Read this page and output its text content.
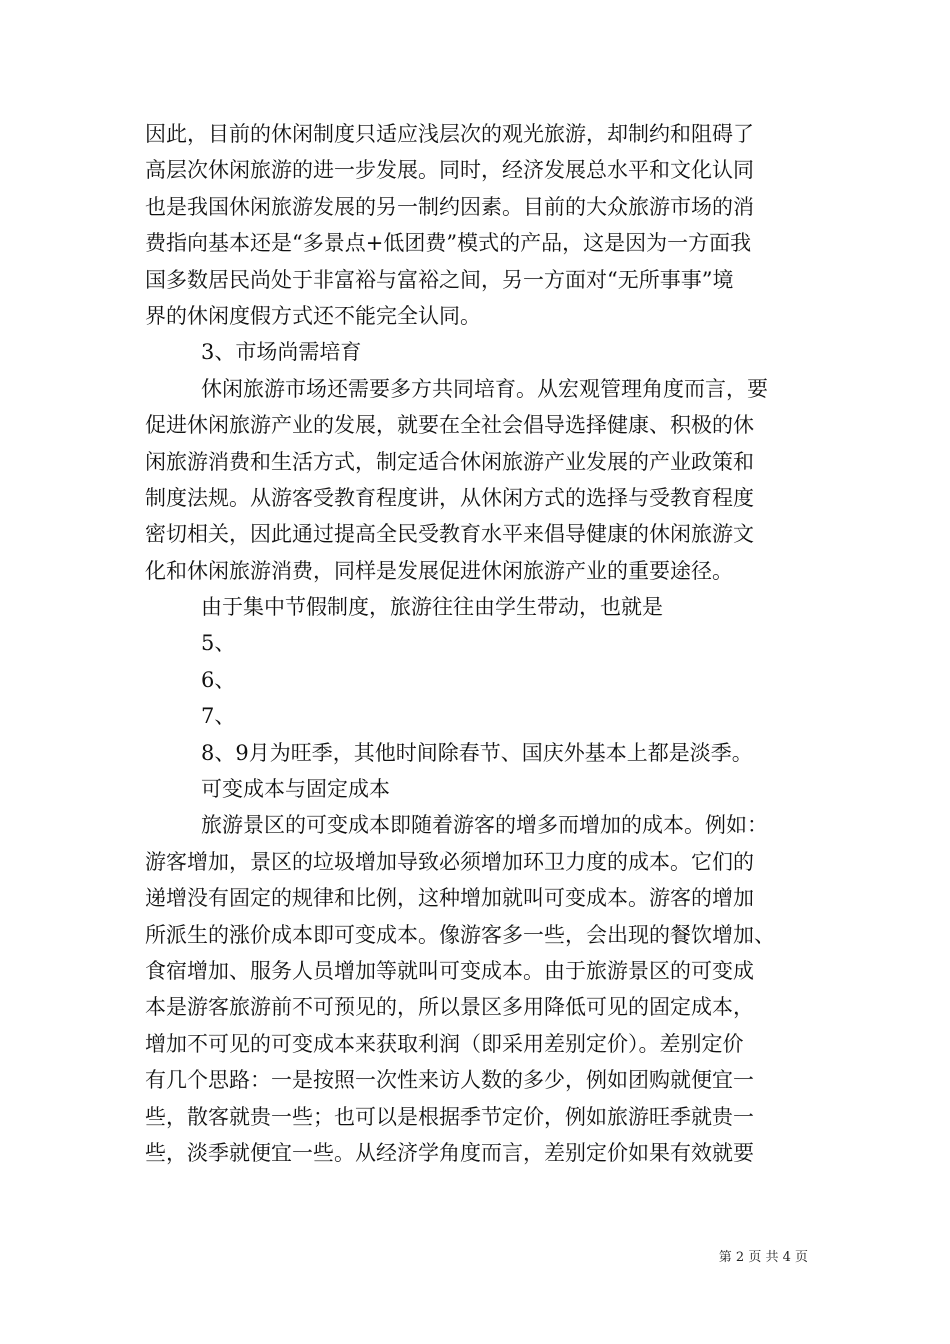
因此，目前的休闲制度只适应浅层次的观光旅游，却制约和阻碍了
高层次休闲旅游的进一步发展。同时，经济发展总水平和文化认同
也是我国休闲旅游发展的另一制约因素。目前的大众旅游市场的消
费指向基本还是“多景点+低团费”模式的产品，这是因为一方面我
国多数居民尚处于非富裕与富裕之间，另一方面对“无所事事”境
界的休闲度假方式还不能完全认同。
3、市场尚需培育
休闲旅游市场还需要多方共同培育。从宏观管理角度而言，要
促进休闲旅游产业的发展，就要在全社会倡导选择健康、积极的休
闲旅游消费和生活方式，制定适合休闲旅游产业发展的产业政策和
制度法规。从游客受教育程度讲，从休闲方式的选择与受教育程度
密切相关，因此通过提高全民受教育水平来倡导健康的休闲旅游文
化和休闲旅游消费，同样是发展促进休闲旅游产业的重要途径。
由于集中节假制度，旅游往往由学生带动，也就是
5、
6、
7、
8、9月为旺季，其他时间除春节、国庆外基本上都是淡季。
可变成本与固定成本
旅游景区的可变成本即随着游客的增多而增加的成本。例如：
游客增加，景区的垃圾增加导致必须增加环卫力度的成本。它们的
递增没有固定的规律和比例，这种增加就叫可变成本。游客的增加
所派生的涨价成本即可变成本。像游客多一些，会出现的餐饮增加、
食宿增加、服务人员增加等就叫可变成本。由于旅游景区的可变成
本是游客旅游前不可预见的，所以景区多用降低可见的固定成本，
增加不可见的可变成本来获取利润（即采用差别定价）。差别定价
有几个思路：一是按照一次性来访人数的多少，例如团购就便宜一
些，散客就贵一些；也可以是根据季节定价，例如旅游旺季就贵一
些，淡季就便宜一些。从经济学角度而言，差别定价如果有效就要
第 2 页 共 4 页
